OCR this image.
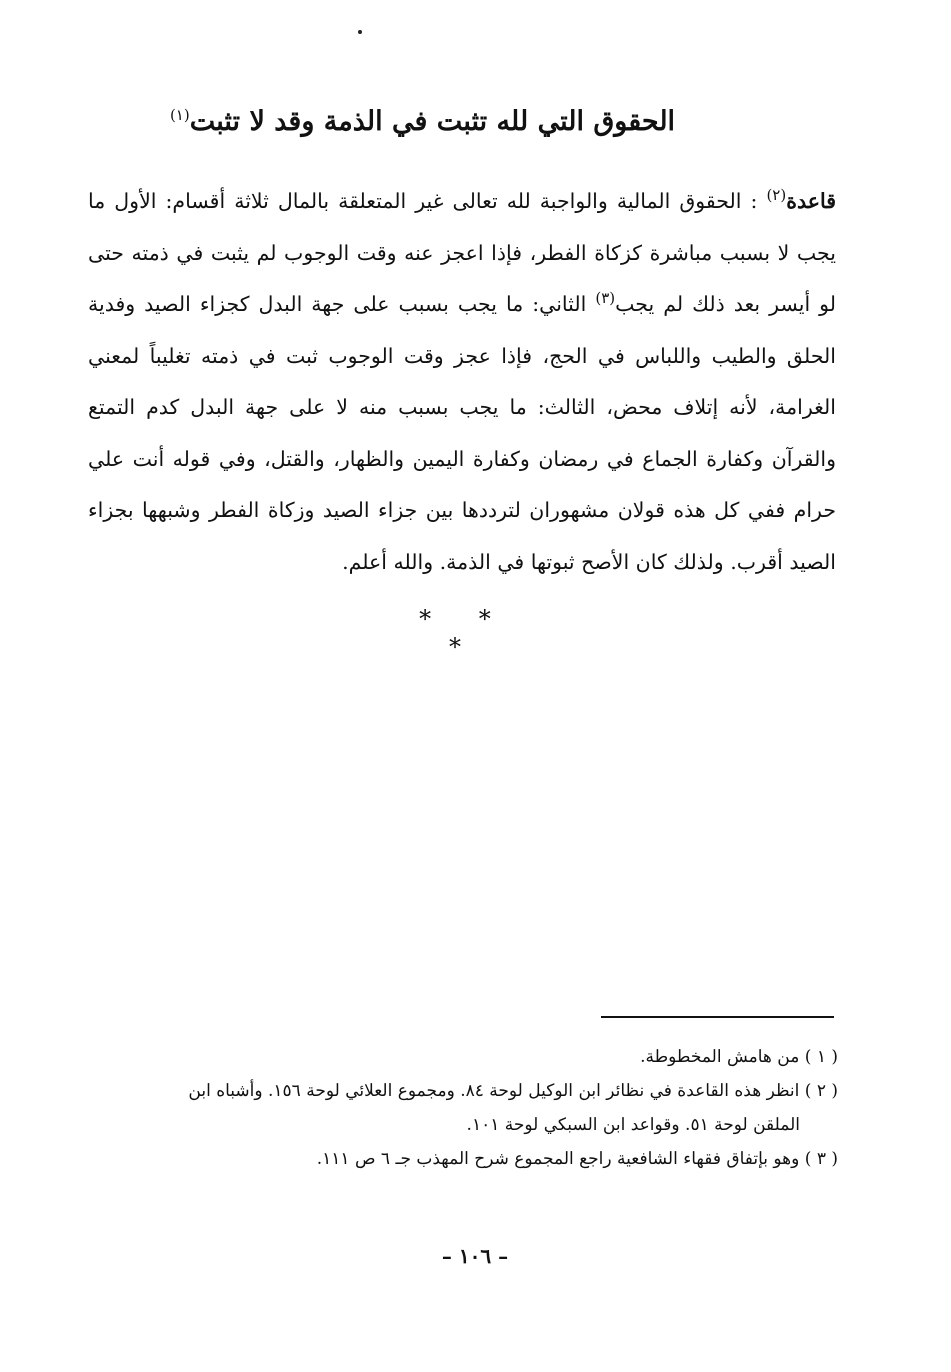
الحقوق التي لله تثبت في الذمة وقد لا تثبت$^{(١)}$
قاعدة$^{(٢)}$ : الحقوق المالية والواجبة لله تعالى غير المتعلقة بالمال ثلاثة أقسام: الأول ما يجب لا بسبب مباشرة كزكاة الفطر، فإذا اعجز عنه وقت الوجوب لم يثبت في ذمته حتى لو أيسر بعد ذلك لم يجب$^{(٣)}$ الثاني: ما يجب بسبب على جهة البدل كجزاء الصيد وفدية الحلق والطيب واللباس في الحج، فإذا عجز وقت الوجوب ثبت في ذمته تغليباً لمعني الغرامة، لأنه إتلاف محض، الثالث: ما يجب بسبب منه لا على جهة البدل كدم التمتع والقرآن وكفارة الجماع في رمضان وكفارة اليمين والظهار، والقتل، وفي قوله أنت علي حرام ففي كل هذه قولان مشهوران لترددها بين جزاء الصيد وزكاة الفطر وشبهها بجزاء الصيد أقرب. ولذلك كان الأصح ثبوتها في الذمة. والله أعلم.
* * *

( ١ ) من هامش المخطوطة.

( ٢ ) انظر هذه القاعدة في نظائر ابن الوكيل لوحة ٨٤. ومجموع العلائي لوحة ١٥٦. وأشباه ابن
الملقن لوحة ٥١. وقواعد ابن السبكي لوحة ١٠١.

( ٣ ) وهو بإتفاق فقهاء الشافعية راجع المجموع شرح المهذب جـ ٦ ص ١١١.

– ١٠٦ –
